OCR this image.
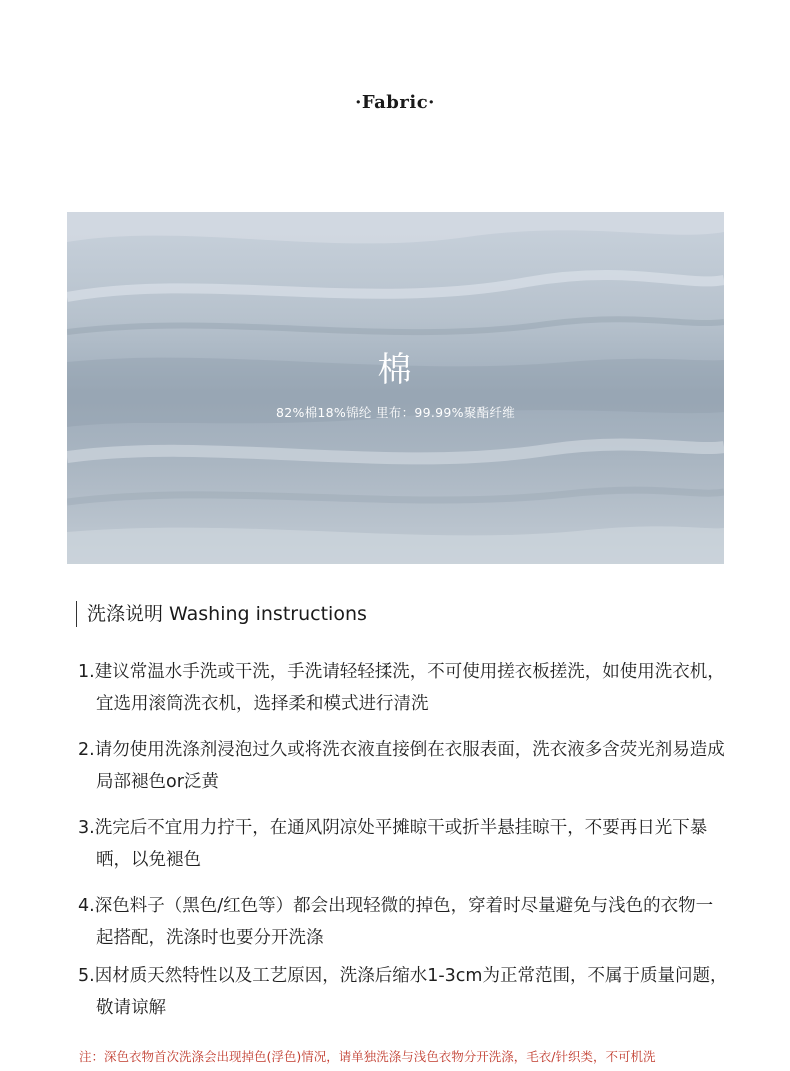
·Fabric·
棉
82%棉18%锦纶 里布：99.99%聚酯纤维
洗涤说明 Washing instructions
1.建议常温水手洗或干洗，手洗请轻轻揉洗，不可使用搓衣板搓洗，如使用洗衣机，宜选用滚筒洗衣机，选择柔和模式进行清洗
2.请勿使用洗涤剂浸泡过久或将洗衣液直接倒在衣服表面，洗衣液多含荧光剂易造成局部褪色or泛黄
3.洗完后不宜用力拧干，在通风阴凉处平摊晾干或折半悬挂晾干，不要再日光下暴晒，以免褪色
4.深色料子（黑色/红色等）都会出现轻微的掉色，穿着时尽量避免与浅色的衣物一起搭配，洗涤时也要分开洗涤
5.因材质天然特性以及工艺原因，洗涤后缩水1-3cm为正常范围，不属于质量问题，敬请谅解
注：深色衣物首次洗涤会出现掉色(浮色)情况，请单独洗涤与浅色衣物分开洗涤，毛衣/针织类，不可机洗
